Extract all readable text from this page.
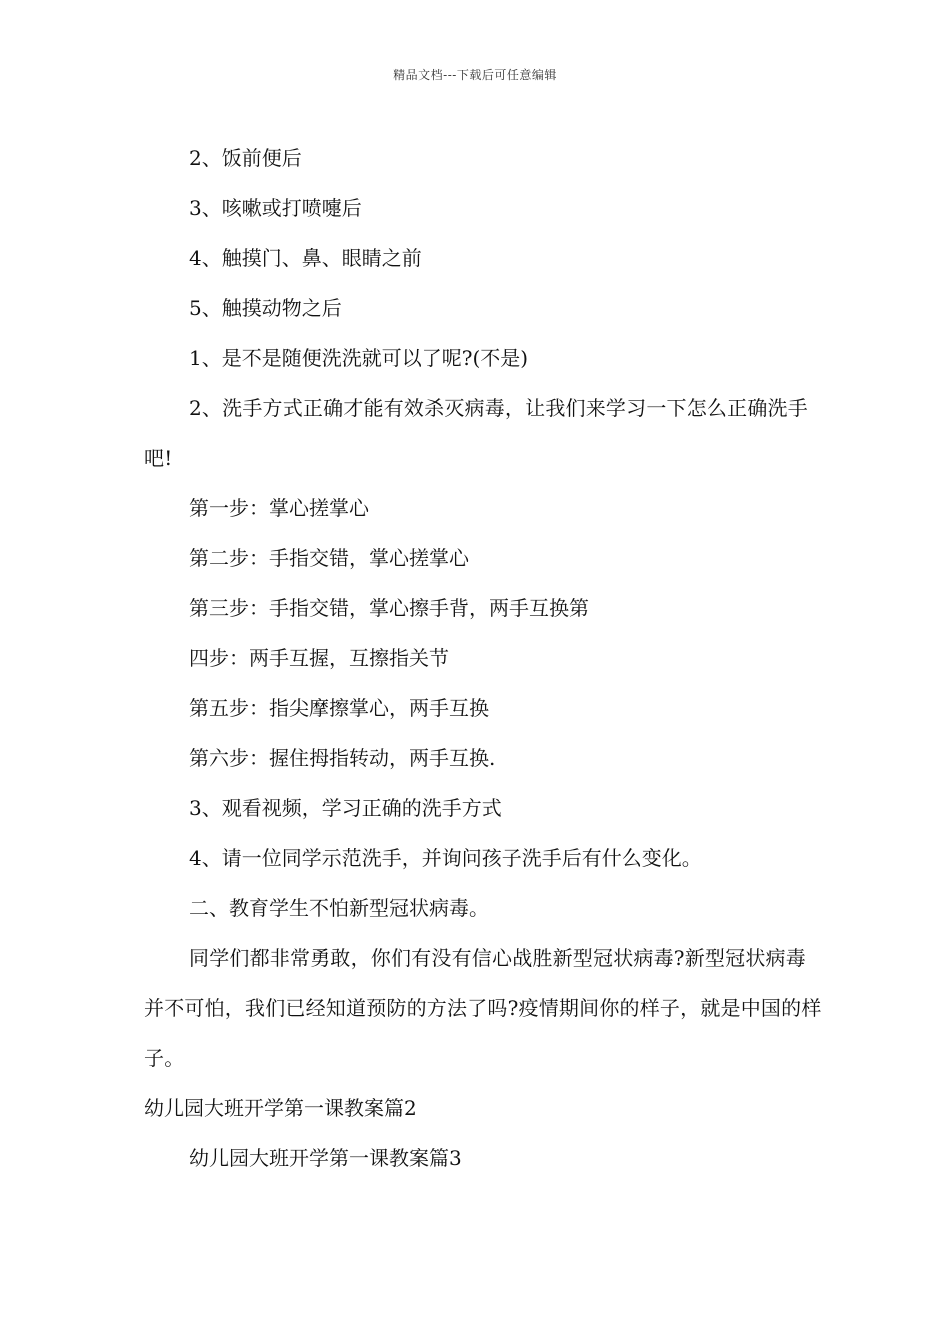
精品文档---下载后可任意编辑

2、饭前便后

3、咳嗽或打喷嚏后

4、触摸门、鼻、眼睛之前

5、触摸动物之后

1、是不是随便洗洗就可以了呢?(不是)

2、洗手方式正确才能有效杀灭病毒，让我们来学习一下怎么正确洗手吧!

第一步：掌心搓掌心

第二步：手指交错，掌心搓掌心

第三步：手指交错，掌心擦手背，两手互换第

四步：两手互握，互擦指关节

第五步：指尖摩擦掌心，两手互换

第六步：握住拇指转动，两手互换.

3、观看视频，学习正确的洗手方式

4、请一位同学示范洗手，并询问孩子洗手后有什么变化。

二、教育学生不怕新型冠状病毒。

同学们都非常勇敢，你们有没有信心战胜新型冠状病毒?新型冠状病毒并不可怕，我们已经知道预防的方法了吗?疫情期间你的样子，就是中国的样子。

幼儿园大班开学第一课教案篇2

幼儿园大班开学第一课教案篇3
